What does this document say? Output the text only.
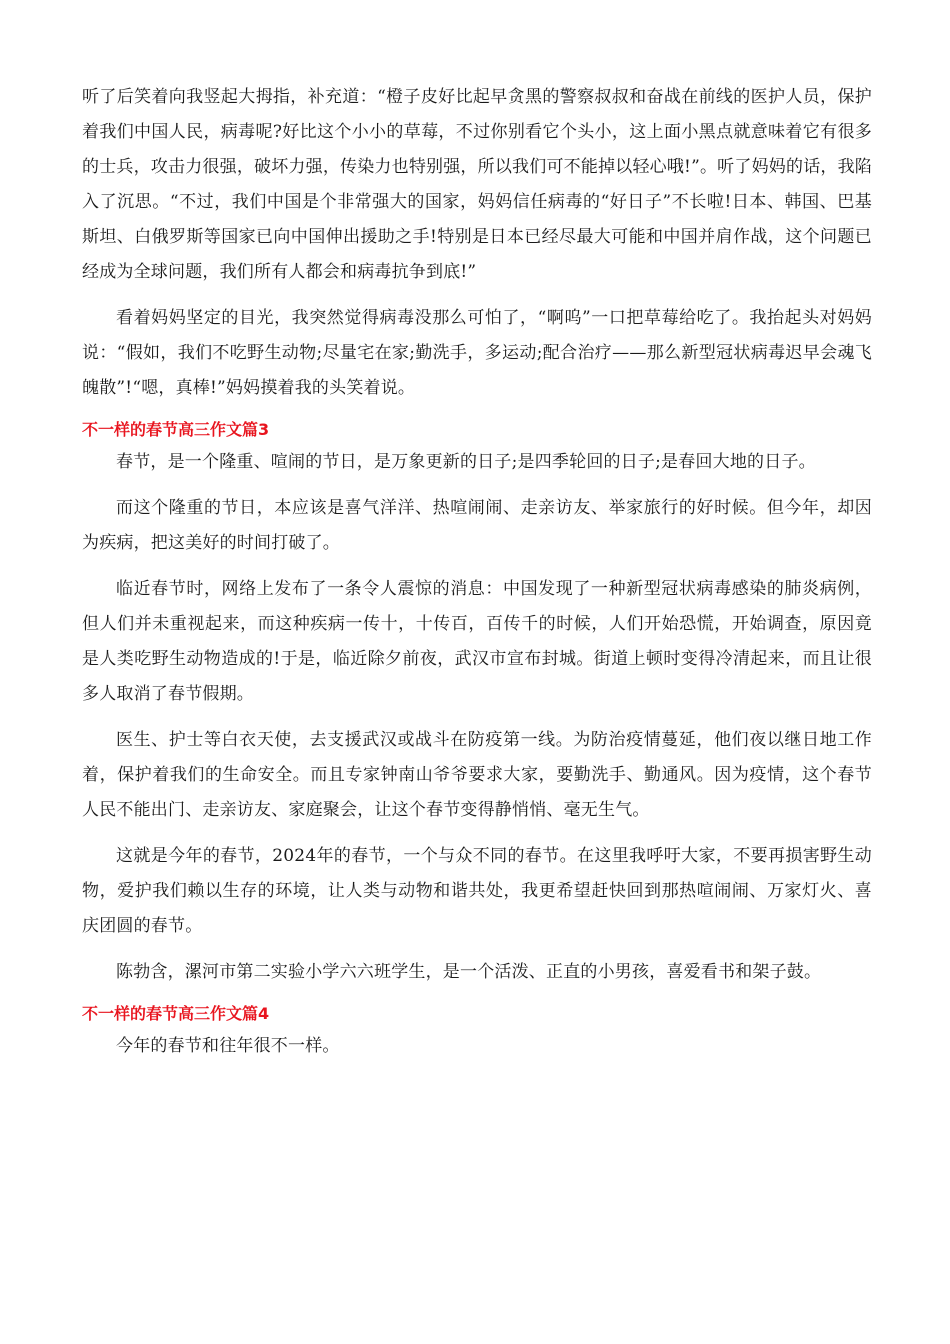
听了后笑着向我竖起大拇指，补充道：“橙子皮好比起早贪黑的警察叔叔和奋战在前线的医护人员，保护着我们中国人民，病毒呢?好比这个小小的草莓，不过你别看它个头小，这上面小黑点就意味着它有很多的士兵，攻击力很强，破坏力强，传染力也特别强，所以我们可不能掉以轻心哦!”。听了妈妈的话，我陷入了沉思。“不过，我们中国是个非常强大的国家，妈妈信任病毒的“好日子”不长啦!日本、韩国、巴基斯坦、白俄罗斯等国家已向中国伸出援助之手!特别是日本已经尽最大可能和中国并肩作战，这个问题已经成为全球问题，我们所有人都会和病毒抗争到底!”

看着妈妈坚定的目光，我突然觉得病毒没那么可怕了，“啊呜”一口把草莓给吃了。我抬起头对妈妈说：“假如，我们不吃野生动物;尽量宅在家;勤洗手，多运动;配合治疗——那么新型冠状病毒迟早会魂飞魄散”!“嗯，真棒!”妈妈摸着我的头笑着说。

不一样的春节高三作文篇3

春节，是一个隆重、喧闹的节日，是万象更新的日子;是四季轮回的日子;是春回大地的日子。

而这个隆重的节日，本应该是喜气洋洋、热喧闹闹、走亲访友、举家旅行的好时候。但今年，却因为疾病，把这美好的时间打破了。

临近春节时，网络上发布了一条令人震惊的消息：中国发现了一种新型冠状病毒感染的肺炎病例，但人们并未重视起来，而这种疾病一传十，十传百，百传千的时候，人们开始恐慌，开始调查，原因竟是人类吃野生动物造成的!于是，临近除夕前夜，武汉市宣布封城。街道上顿时变得冷清起来，而且让很多人取消了春节假期。

医生、护士等白衣天使，去支援武汉或战斗在防疫第一线。为防治疫情蔓延，他们夜以继日地工作着，保护着我们的生命安全。而且专家钟南山爷爷要求大家，要勤洗手、勤通风。因为疫情，这个春节人民不能出门、走亲访友、家庭聚会，让这个春节变得静悄悄、毫无生气。

这就是今年的春节，2024年的春节，一个与众不同的春节。在这里我呼吁大家，不要再损害野生动物，爱护我们赖以生存的环境，让人类与动物和谐共处，我更希望赶快回到那热喧闹闹、万家灯火、喜庆团圆的春节。

陈勃含，漯河市第二实验小学六六班学生，是一个活泼、正直的小男孩，喜爱看书和架子鼓。

不一样的春节高三作文篇4

今年的春节和往年很不一样。
